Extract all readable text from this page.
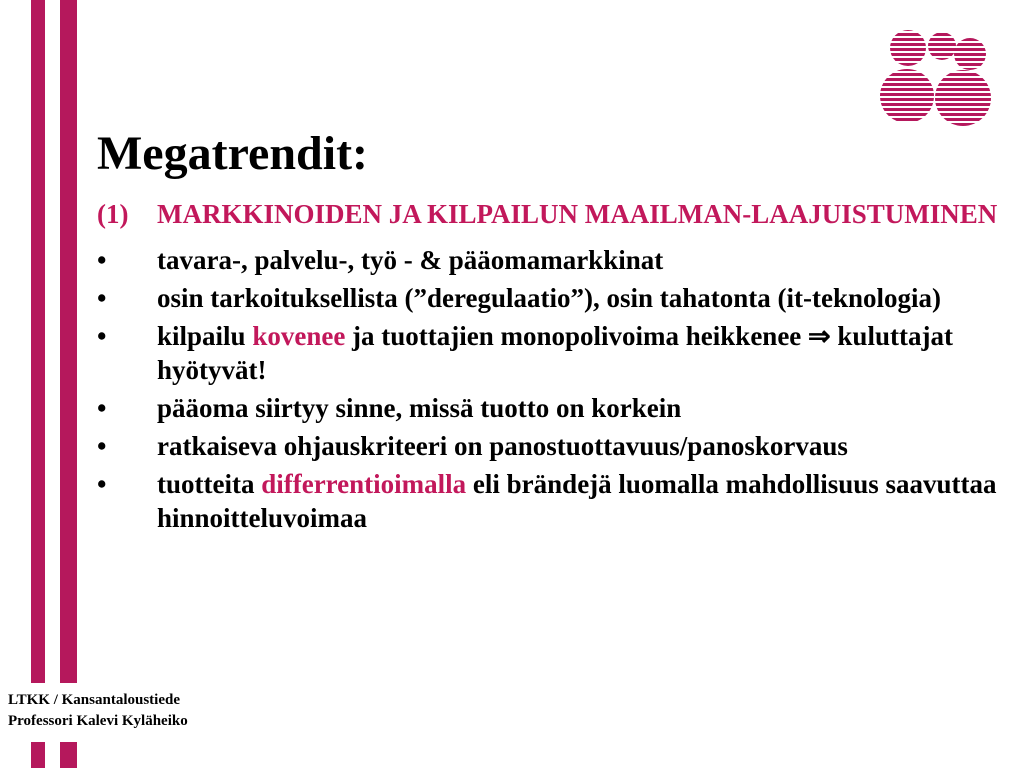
Megatrendit:
(1)	MARKKINOIDEN JA KILPAILUN MAAILMAN-LAAJUISTUMINEN
•	tavara-, palvelu-, työ - & pääomamarkkinat
•	osin tarkoituksellista (”deregulaatio”), osin tahatonta (it-teknologia)
•	kilpailu kovenee ja tuottajien monopolivoima heikkenee ⇒ kuluttajat hyötyvät!
•	pääoma siirtyy sinne, missä tuotto on korkein
•	ratkaiseva ohjauskriteeri on panostuottavuus/panoskorvaus
•	tuotteita differrentioimalla eli brändejä luomalla mahdollisuus saavuttaa hinnoitteluvoimaa
LTKK / Kansantaloustiede
Professori Kalevi Kyläheiko
